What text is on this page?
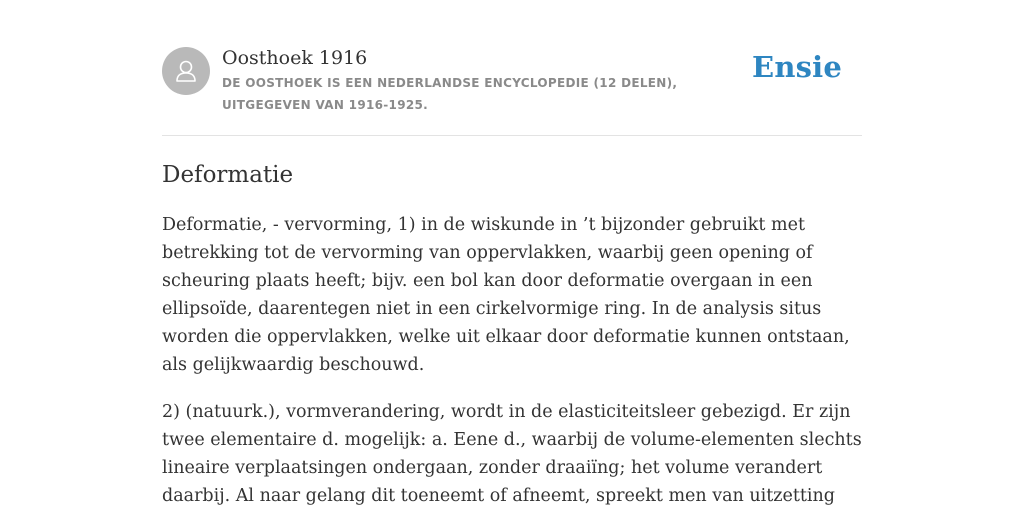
Oosthoek 1916

DE OOSTHOEK IS EEN NEDERLANDSE ENCYCLOPEDIE (12 DELEN), UITGEGEVEN VAN 1916-1925.

Ensie
Deformatie

Deformatie, - vervorming, 1) in de wiskunde in ’t bijzonder gebruikt met betrekking tot de vervorming van oppervlakken, waarbij geen opening of scheuring plaats heeft; bijv. een bol kan door deformatie overgaan in een ellipsoïde, daarentegen niet in een cirkelvormige ring. In de analysis situs worden die oppervlakken, welke uit elkaar door deformatie kunnen ontstaan, als gelijkwaardig beschouwd.

2) (natuurk.), vormverandering, wordt in de elasticiteitsleer gebezigd. Er zijn twee elementaire d. mogelijk: a. Eene d., waarbij de volume-elementen slechts lineaire verplaatsingen ondergaan, zonder draaiïng; het volume verandert daarbij. Al naar gelang dit toeneemt of afneemt, spreekt men van uitzetting
